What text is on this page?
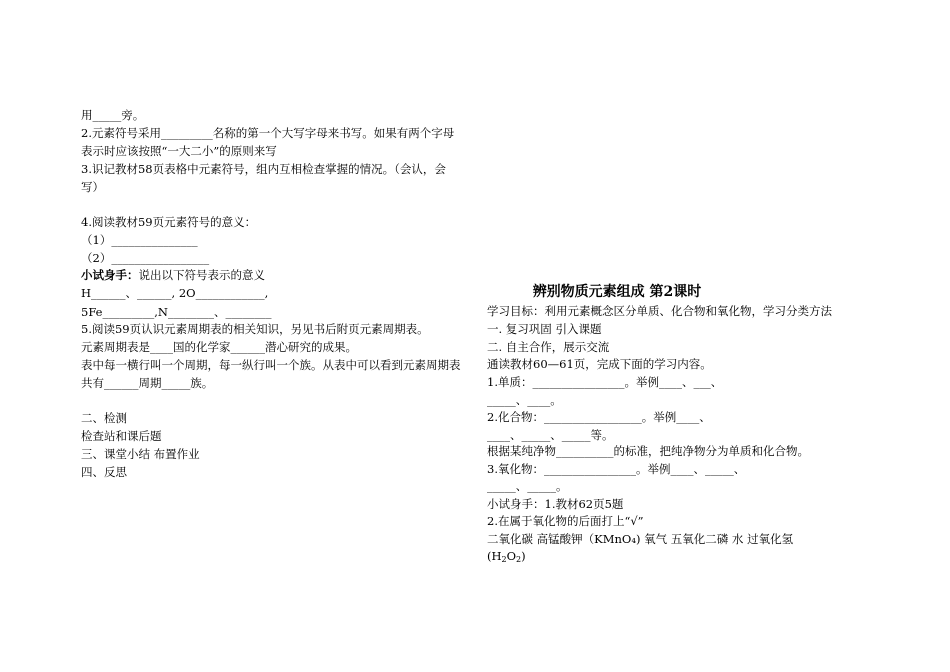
用_____旁。
2.元素符号采用_________名称的第一个大写字母来书写。如果有两个字母
表示时应该按照“一大二小”的原则来写
3.识记教材58页表格中元素符号，组内互相检查掌握的情况。（会认，会
写）
4.阅读教材59页元素符号的意义：
（1）_______________
（2）_________________
小试身手：说出以下符号表示的意义
H______、______, 2O____________,
5Fe_________,N________、________
5.阅读59页认识元素周期表的相关知识，另见书后附页元素周期表。
元素周期表是____国的化学家______潜心研究的成果。
表中每一横行叫一个周期，每一纵行叫一个族。从表中可以看到元素周期表
共有______周期_____族。
二、检测
检查站和课后题
三、课堂小结 布置作业
四、反思
辨别物质元素组成 第2课时
学习目标：利用元素概念区分单质、化合物和氧化物，学习分类方法
一. 复习巩固 引入课题
二. 自主合作，展示交流
通读教材60—61页，完成下面的学习内容。
1.单质：________________。举例____、___、
_____、____。
2.化合物：_________________。举例____、
____、_____、_____等。
根据某纯净物__________的标准，把纯净物分为单质和化合物。
3.氧化物：________________。举例____、_____、
_____、_____。
小试身手：1.教材62页5题
2.在属于氧化物的后面打上“√”
二氧化碳 高锰酸钾（KMnO₄) 氧气 五氧化二磷 水 过氧化氢
$(H_2O_2)$
